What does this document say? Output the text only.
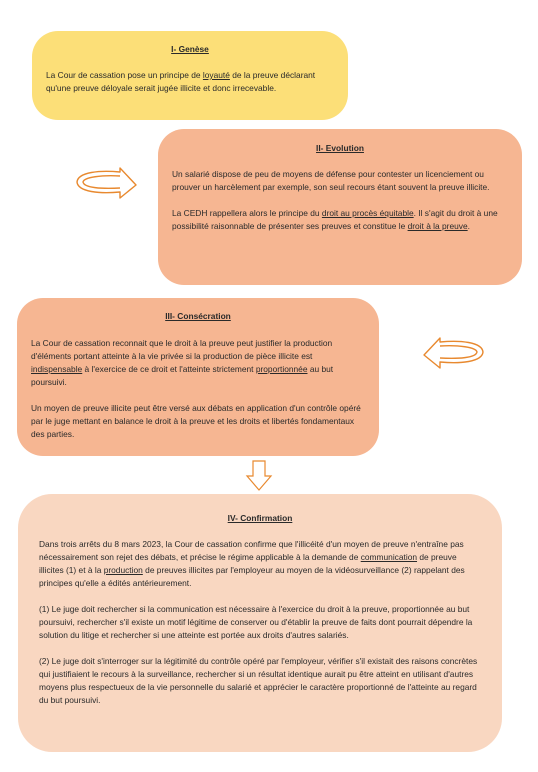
I- Genèse

La Cour de cassation pose un principe de loyauté de la preuve déclarant qu'une preuve déloyale serait jugée illicite et donc irrecevable.

II- Evolution

Un salarié dispose de peu de moyens de défense pour contester un licenciement ou prouver un harcèlement par exemple, son seul recours étant souvent la preuve illicite.

La CEDH rappellera alors le principe du droit au procès équitable. Il s'agit du droit à une possibilité raisonnable de présenter ses preuves et constitue le droit à la preuve.

III- Consécration

La Cour de cassation reconnait que le droit à la preuve peut justifier la production d'éléments portant atteinte à la vie privée si la production de pièce illicite est indispensable à l'exercice de ce droit et l'atteinte strictement proportionnée au but poursuivi.

Un moyen de preuve illicite peut être versé aux débats en application d'un contrôle opéré par le juge mettant en balance le droit à la preuve et les droits et libertés fondamentaux des parties.

IV- Confirmation

Dans trois arrêts du 8 mars 2023, la Cour de cassation confirme que l'illicéité d'un moyen de preuve n'entraîne pas nécessairement son rejet des débats, et précise le régime applicable à la demande de communication de preuve illicites (1) et à la production de preuves illicites par l'employeur au moyen de la vidéosurveillance (2) rappelant des principes qu'elle a édités antérieurement.

(1) Le juge doit rechercher si la communication est nécessaire à l'exercice du droit à la preuve, proportionnée au but poursuivi, rechercher s'il existe un motif légitime de conserver ou d'établir la preuve de faits dont pourrait dépendre la solution du litige et rechercher si une atteinte est portée aux droits d'autres salariés.

(2) Le juge doit s'interroger sur la légitimité du contrôle opéré par l'employeur, vérifier s'il existait des raisons concrètes qui justifiaient le recours à la surveillance, rechercher si un résultat identique aurait pu être atteint en utilisant d'autres moyens plus respectueux de la vie personnelle du salarié et apprécier le caractère proportionné de l'atteinte au regard du but poursuivi.
